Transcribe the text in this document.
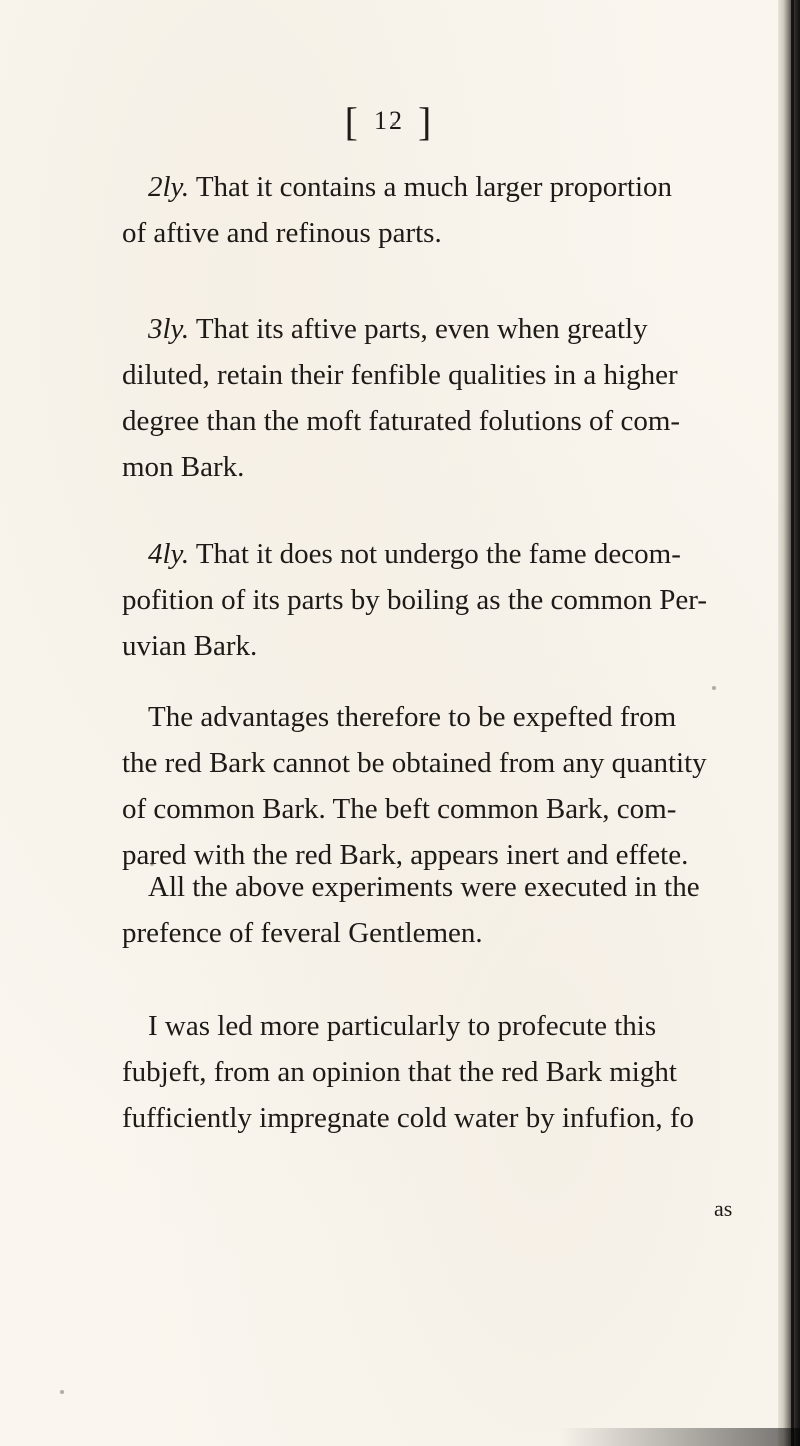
[ 12 ]
2ly. That it contains a much larger proportion
of aftive and refinous parts.
3ly. That its aftive parts, even when greatly
diluted, retain their fenfible qualities in a higher
degree than the moft faturated folutions of com-
mon Bark.
4ly. That it does not undergo the fame decom-
pofition of its parts by boiling as the common Per-
uvian Bark.
The advantages therefore to be expefted from
the red Bark cannot be obtained from any quantity
of common Bark. The beft common Bark, com-
pared with the red Bark, appears inert and effete.
All the above experiments were executed in the
prefence of feveral Gentlemen.
I was led more particularly to profecute this
fubjeft, from an opinion that the red Bark might
fufficiently impregnate cold water by infufion, fo
as
